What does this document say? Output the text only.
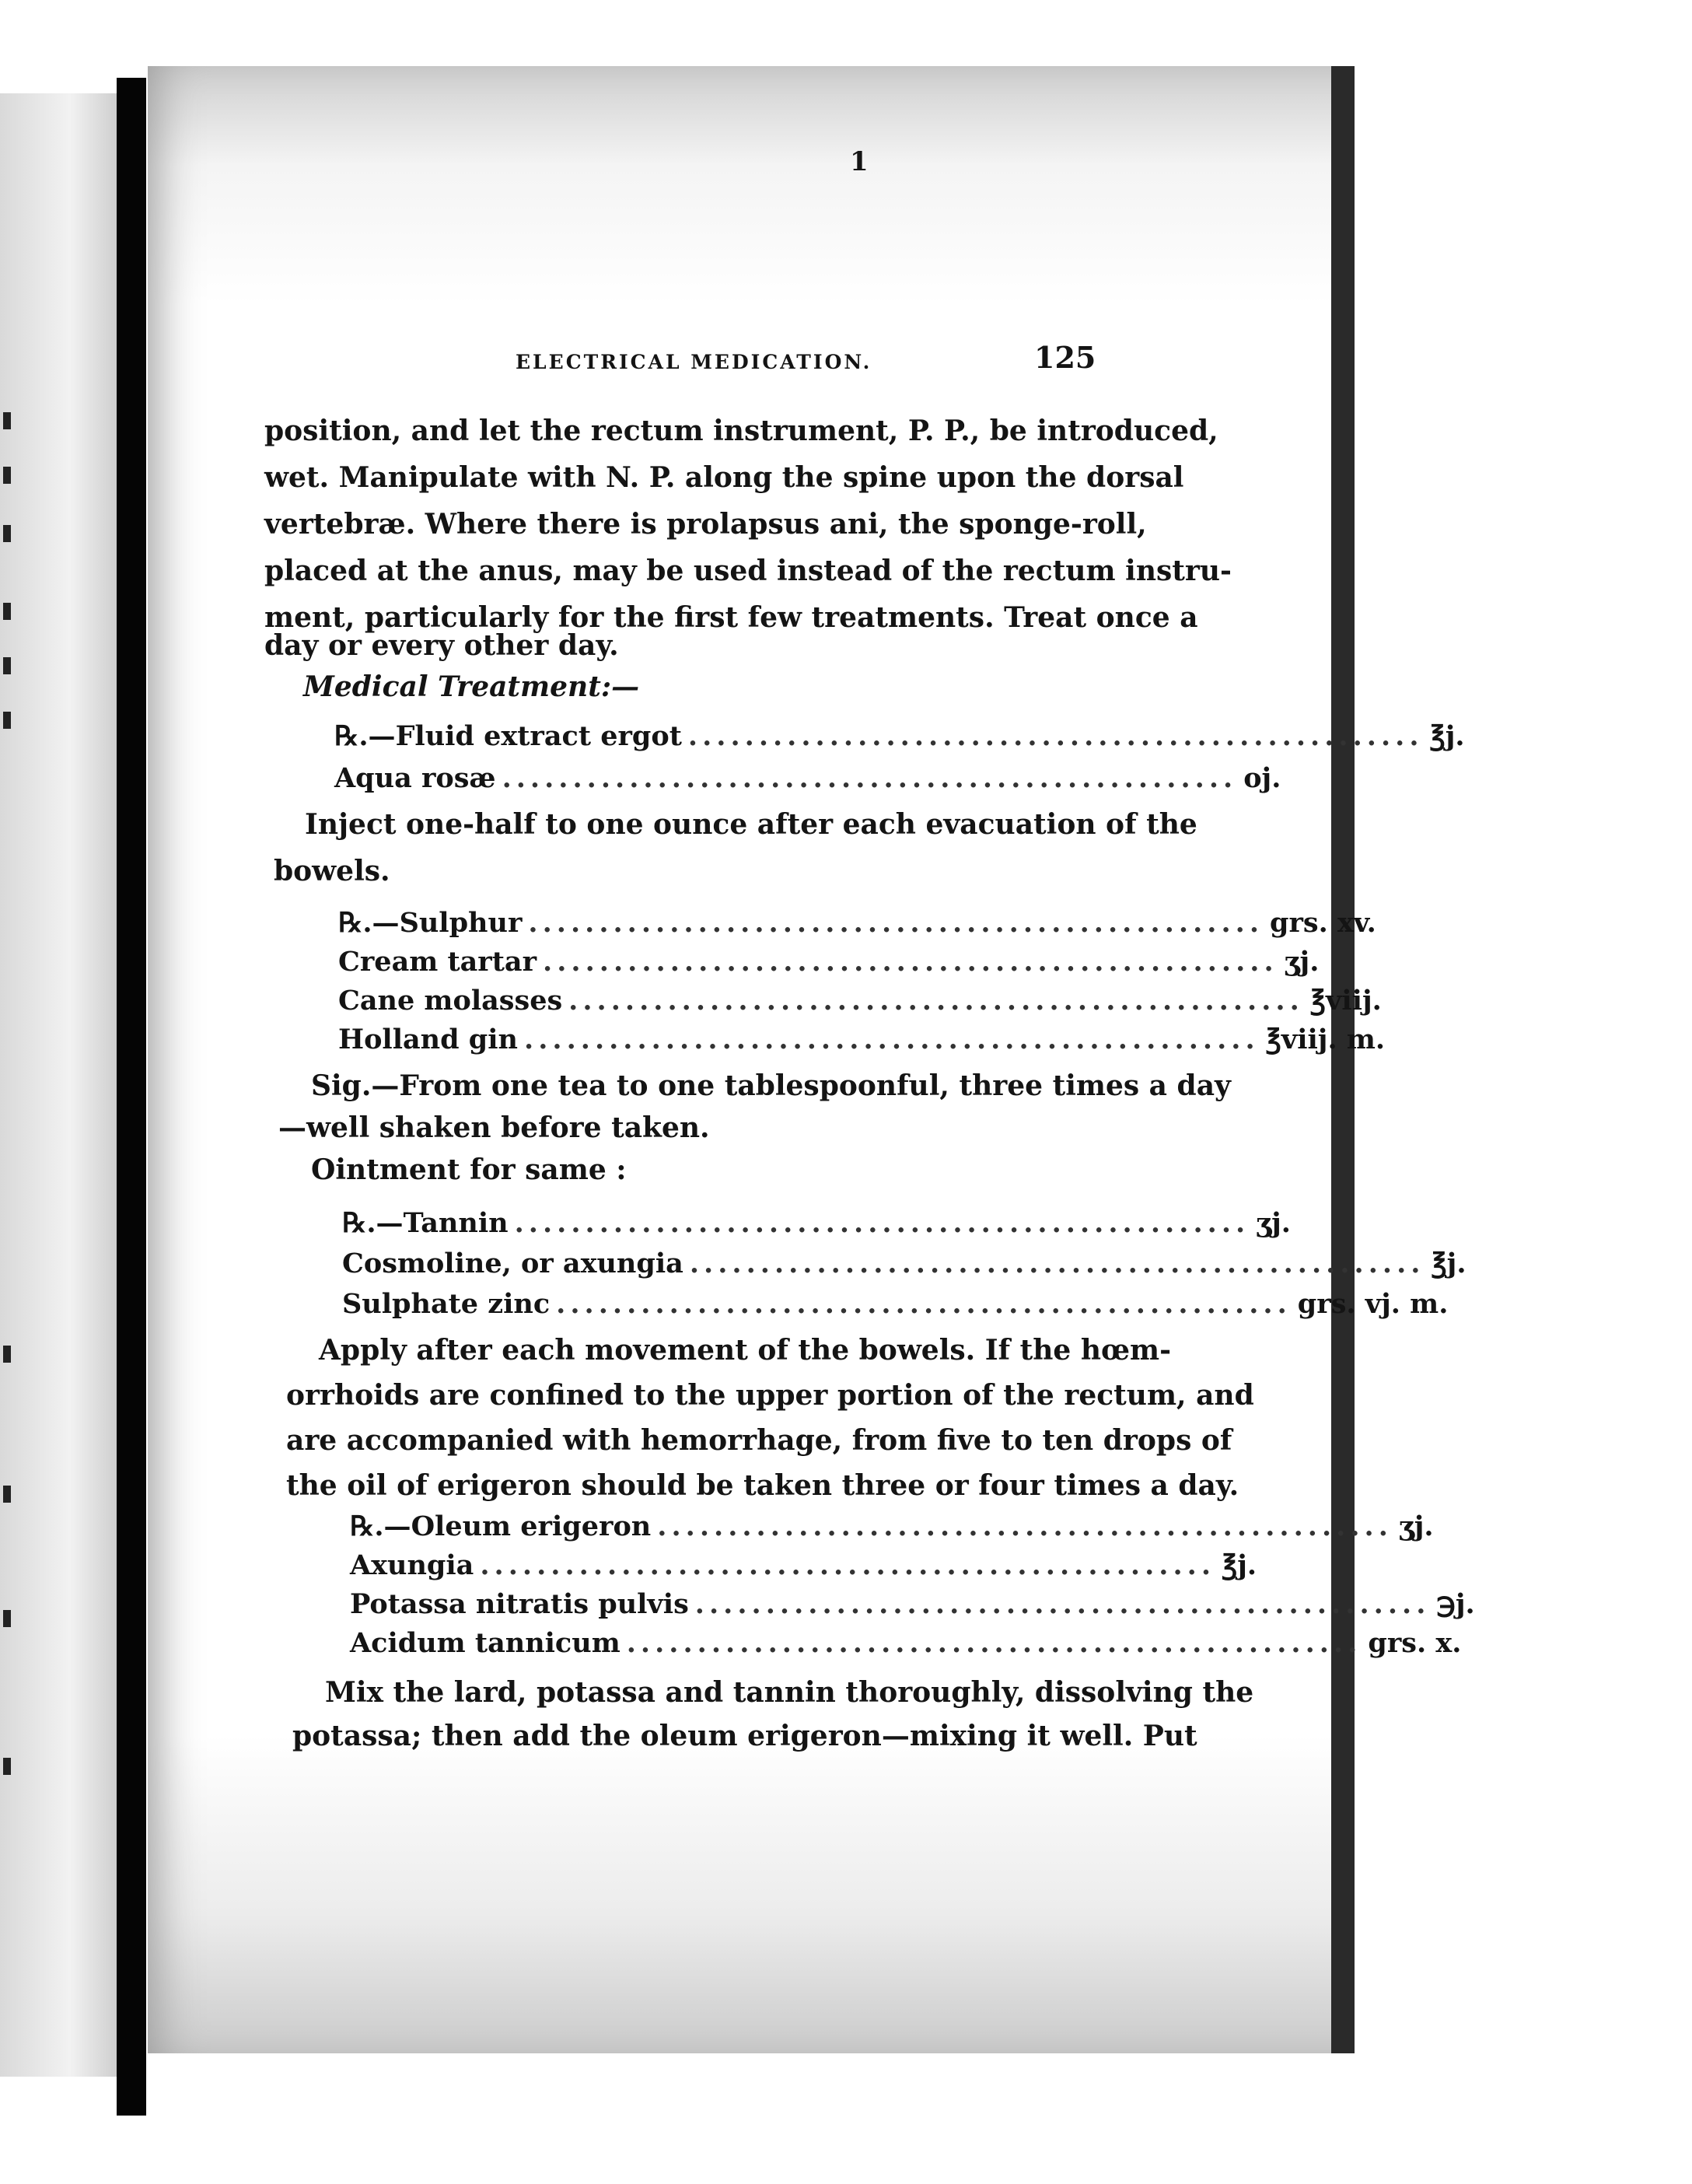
1
ELECTRICAL MEDICATION.	125
position, and let the rectum instrument, P. P., be introduced,
wet. Manipulate with N. P. along the spine upon the dorsal
vertebræ. Where there is prolapsus ani, the sponge-roll,
placed at the anus, may be used instead of the rectum instru-
ment, particularly for the first few treatments. Treat once a
day or every other day.
Medical Treatment:—
℞.— Fluid extract ergot .................................................... ℥j.
Aqua rosæ .................................................... oj.
Inject one-half to one ounce after each evacuation of the
bowels.
℞.— Sulphur .................................................... grs. xv.
Cream tartar .................................................... ʒj.
Cane molasses .................................................... ℥viij.
Holland gin .................................................... ℥viij. m.
Sig.—From one tea to one tablespoonful, three times a day
—well shaken before taken.
Ointment for same :
℞.— Tannin .................................................... ʒj.
Cosmoline, or axungia .................................................... ℥j.
Sulphate zinc .................................................... grs. vj. m.
Apply after each movement of the bowels. If the hœm-
orrhoids are confined to the upper portion of the rectum, and
are accompanied with hemorrhage, from five to ten drops of
the oil of erigeron should be taken three or four times a day.
℞.— Oleum erigeron .................................................... ʒj.
Axungia .................................................... ℥j.
Potassa nitratis pulvis .................................................... ℈j.
Acidum tannicum .................................................... grs. x.
Mix the lard, potassa and tannin thoroughly, dissolving the
potassa; then add the oleum erigeron—mixing it well. Put
